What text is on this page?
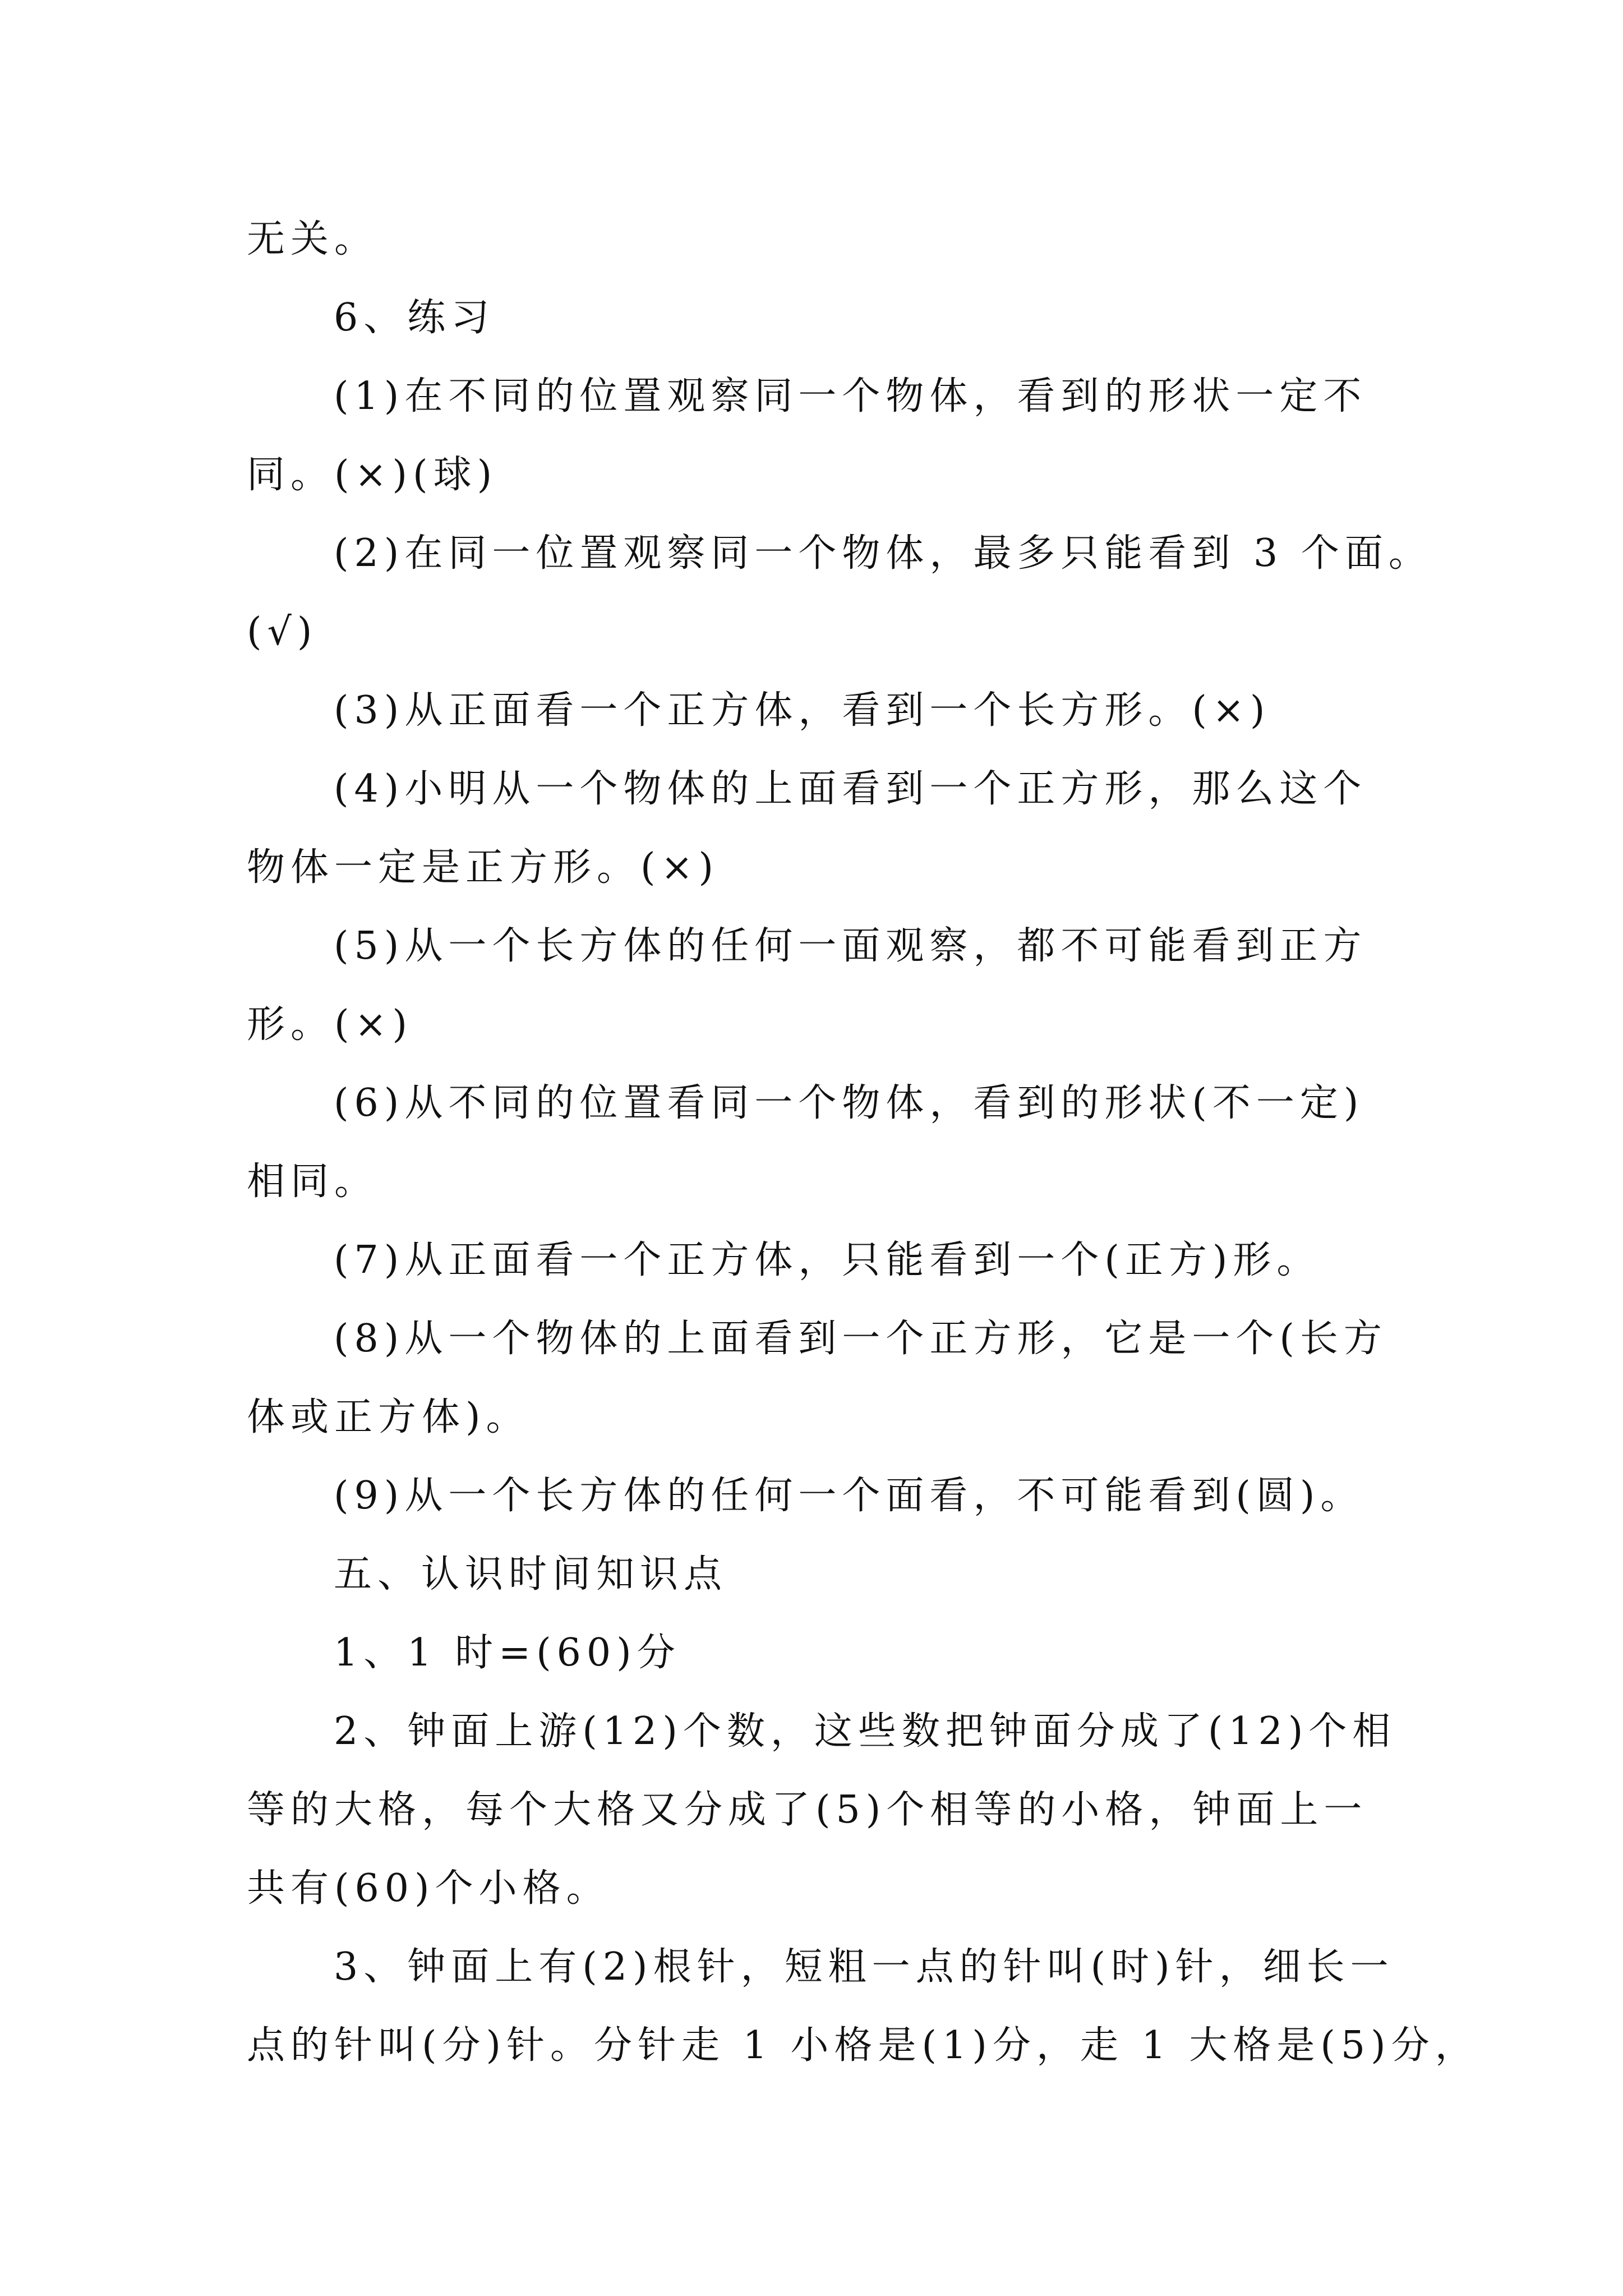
无关。
6、练习
(1)在不同的位置观察同一个物体，看到的形状一定不
同。(×)(球)
(2)在同一位置观察同一个物体，最多只能看到 3 个面。
(√)
(3)从正面看一个正方体，看到一个长方形。(×)
(4)小明从一个物体的上面看到一个正方形，那么这个
物体一定是正方形。(×)
(5)从一个长方体的任何一面观察，都不可能看到正方
形。(×)
(6)从不同的位置看同一个物体，看到的形状(不一定)
相同。
(7)从正面看一个正方体，只能看到一个(正方)形。
(8)从一个物体的上面看到一个正方形，它是一个(长方
体或正方体)。
(9)从一个长方体的任何一个面看，不可能看到(圆)。
五、认识时间知识点
1、1 时=(60)分
2、钟面上游(12)个数，这些数把钟面分成了(12)个相
等的大格，每个大格又分成了(5)个相等的小格，钟面上一
共有(60)个小格。
3、钟面上有(2)根针，短粗一点的针叫(时)针，细长一
点的针叫(分)针。分针走 1 小格是(1)分，走 1 大格是(5)分，
